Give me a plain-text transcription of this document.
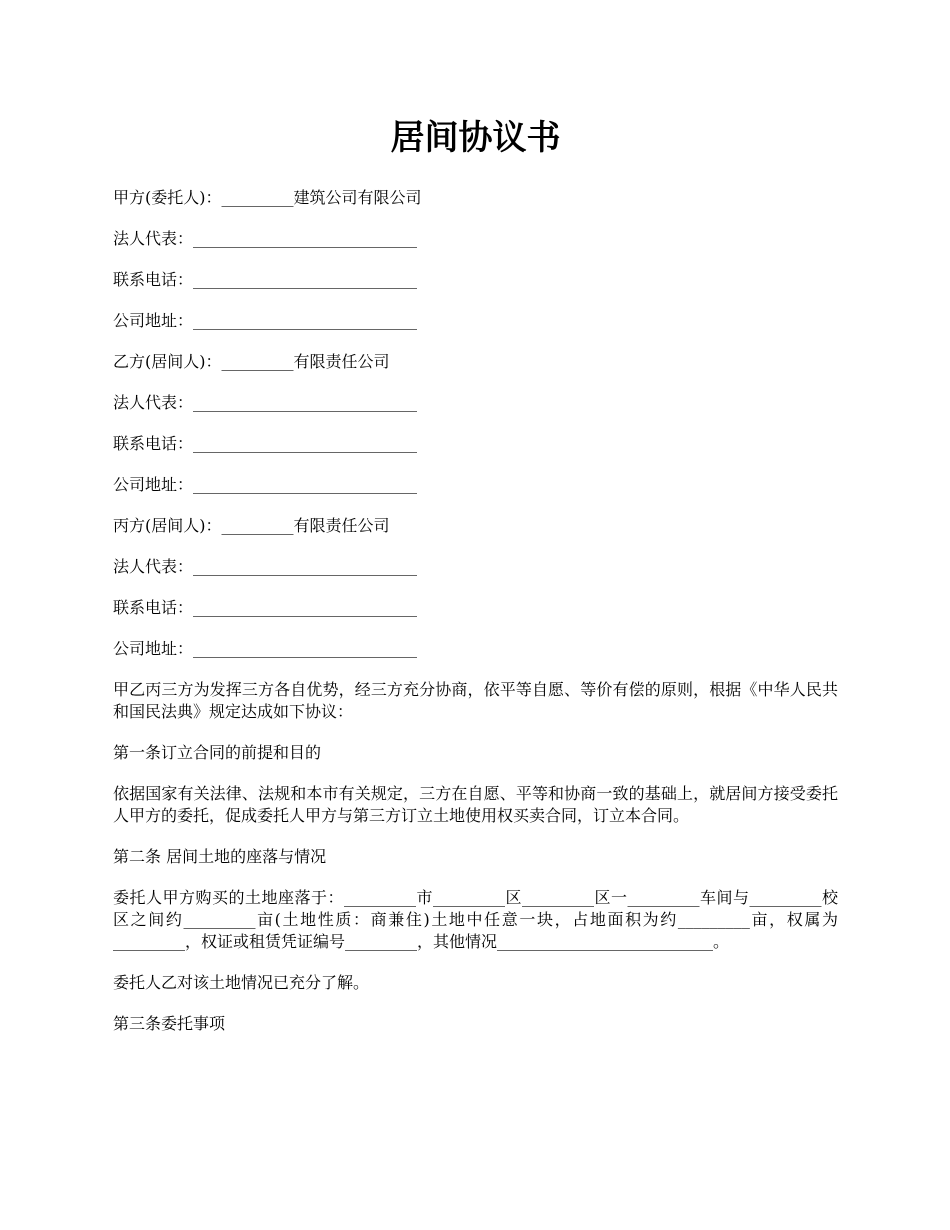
居间协议书

甲方(委托人)：_________建筑公司有限公司

法人代表：____________________________

联系电话：____________________________

公司地址：____________________________

乙方(居间人)：_________有限责任公司

法人代表：____________________________

联系电话：____________________________

公司地址：____________________________

丙方(居间人)：_________有限责任公司

法人代表：____________________________

联系电话：____________________________

公司地址：____________________________

甲乙丙三方为发挥三方各自优势，经三方充分协商，依平等自愿、等价有偿的原则，根据《中华人民共和国民法典》规定达成如下协议：

第一条订立合同的前提和目的

依据国家有关法律、法规和本市有关规定，三方在自愿、平等和协商一致的基础上，就居间方接受委托人甲方的委托，促成委托人甲方与第三方订立土地使用权买卖合同，订立本合同。

第二条 居间土地的座落与情况

委托人甲方购买的土地座落于：_________市_________区_________区一_________车间与_________校区之间约_________亩(土地性质：商兼住)土地中任意一块，占地面积为约_________亩，权属为_________，权证或租赁凭证编号_________，其他情况___________________________。

委托人乙对该土地情况已充分了解。

第三条委托事项
